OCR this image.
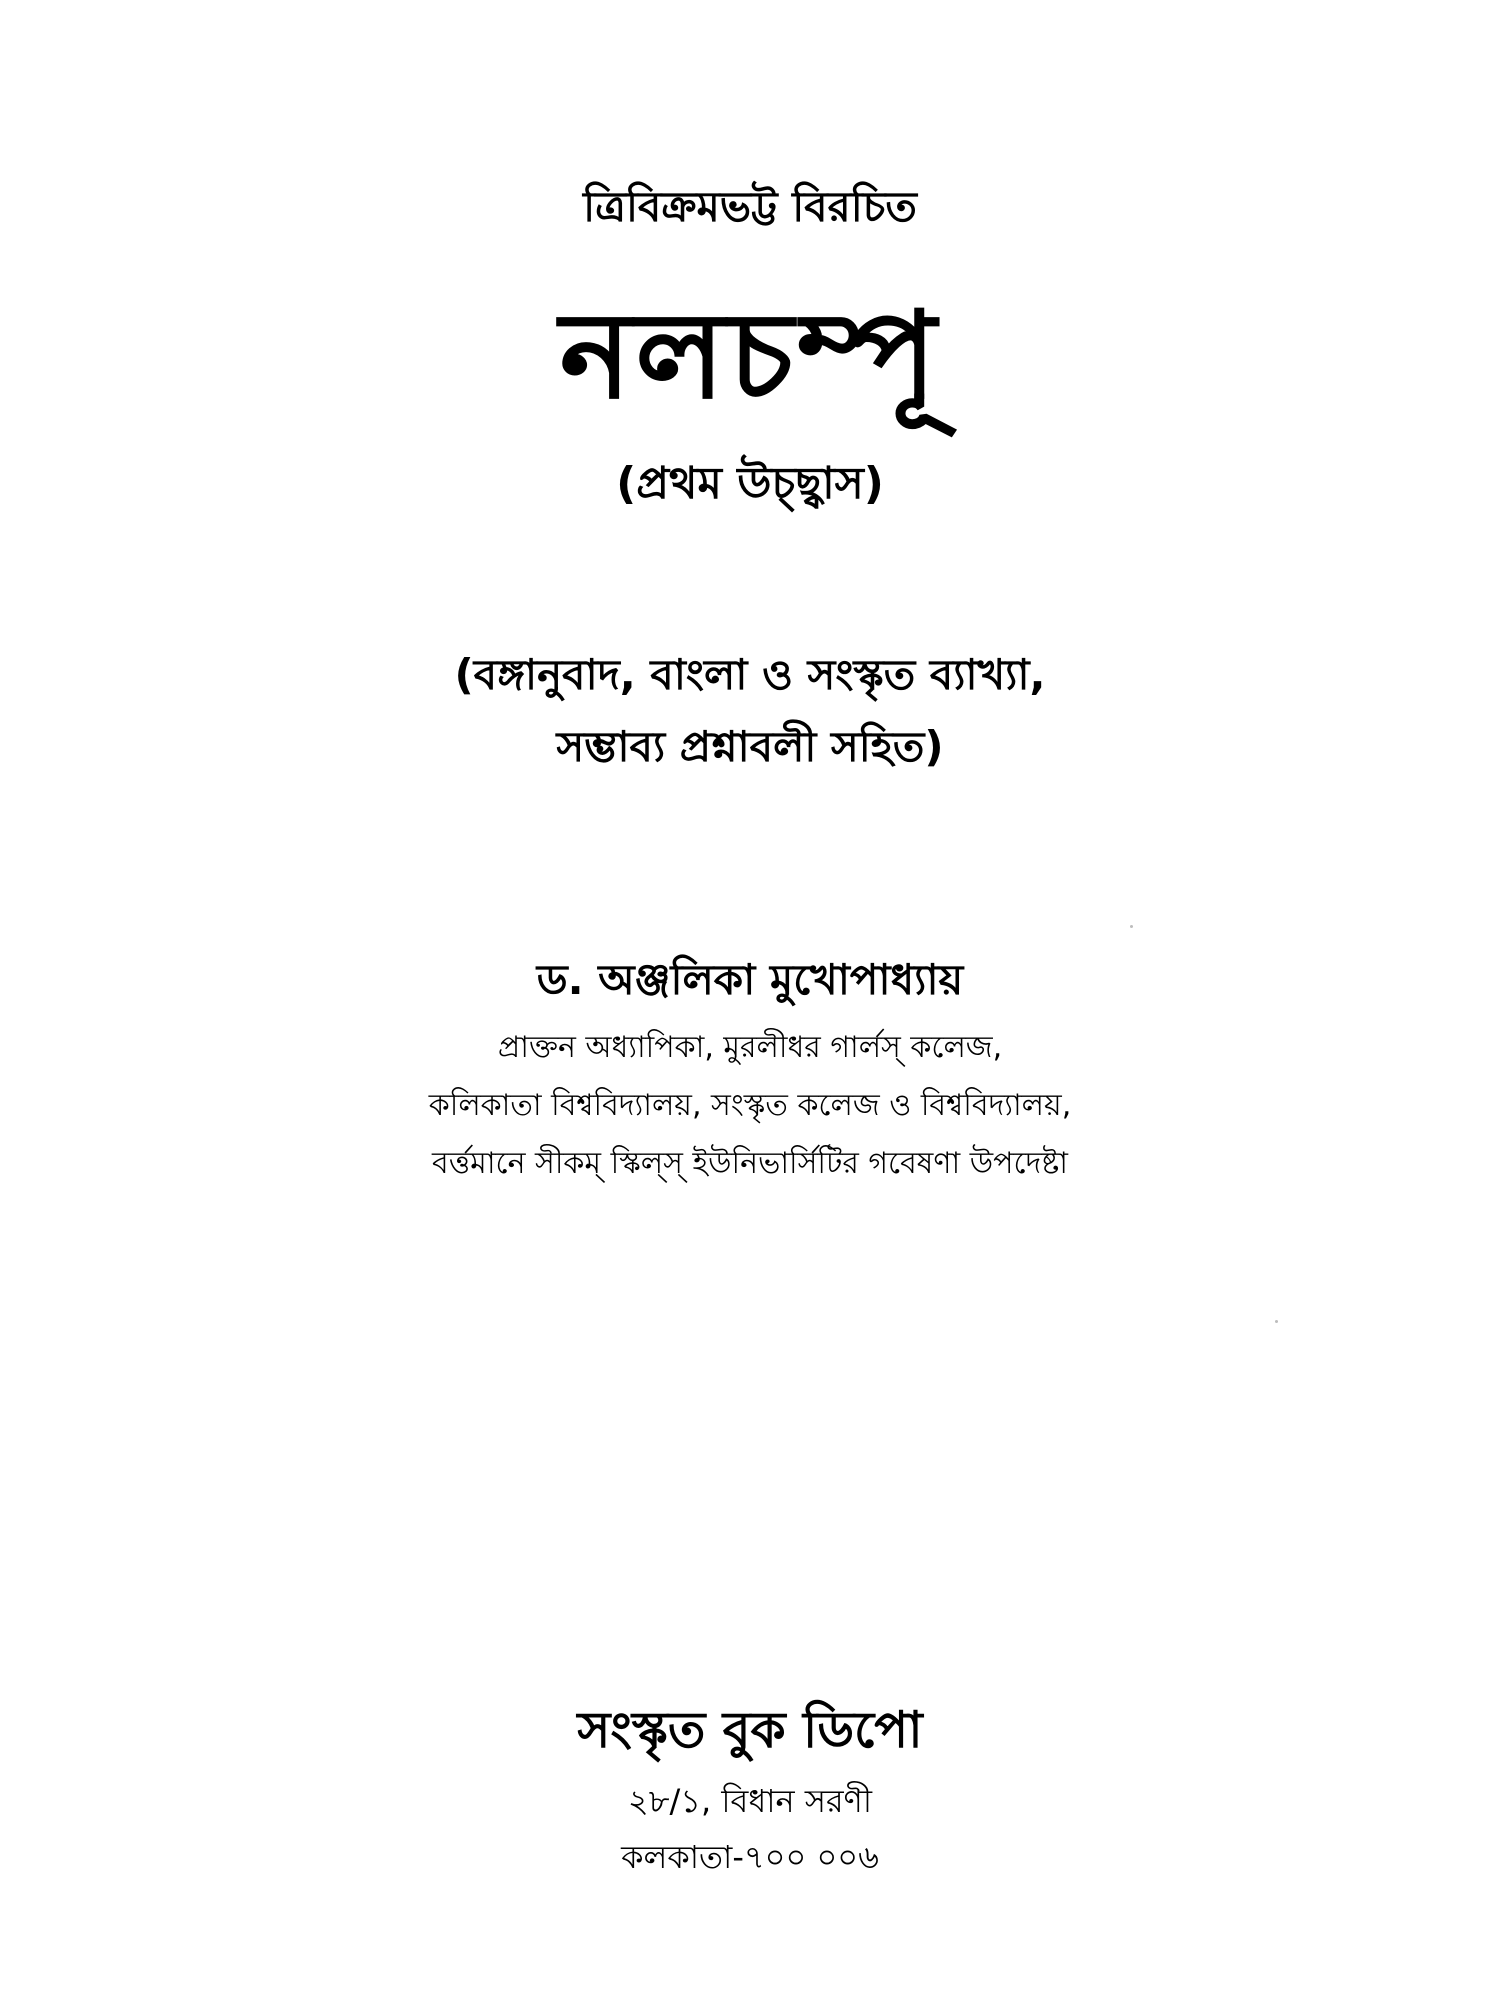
ত্রিবিক্রমভট্ট বিরচিত
নলচম্পূ
(প্রথম উচ্ছ্বাস)
(বঙ্গানুবাদ, বাংলা ও সংস্কৃত ব্যাখ্যা,
সম্ভাব্য প্রশ্নাবলী সহিত)
ড. অঞ্জলিকা মুখোপাধ্যায়
প্রাক্তন অধ্যাপিকা, মুরলীধর গার্লস্ কলেজ,
কলিকাতা বিশ্ববিদ্যালয়, সংস্কৃত কলেজ ও বিশ্ববিদ্যালয়,
বর্ত্তমানে সীকম্ স্কিল্স্ ইউনিভার্সিটির গবেষণা উপদেষ্টা
সংস্কৃত বুক ডিপো
২৮/১, বিধান সরণী
কলকাতা-৭০০ ০০৬
